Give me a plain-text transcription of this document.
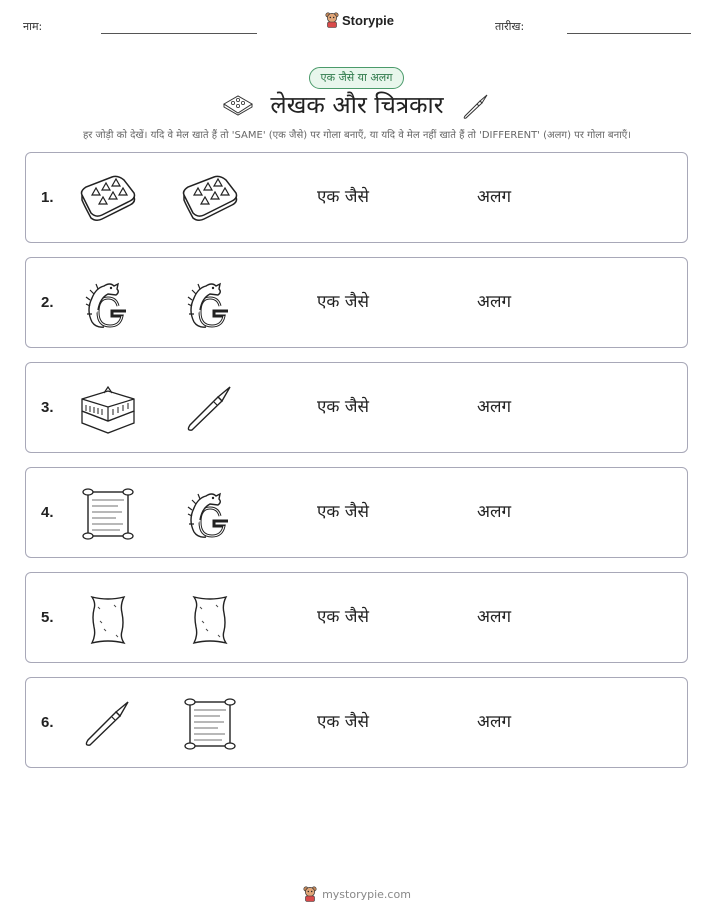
नाम:	Storypie	तारीख:
एक जैसे या अलग
लेखक और चित्रकार
हर जोड़ी को देखें। यदि वे मेल खाते हैं तो 'SAME' (एक जैसे) पर गोला बनाएँ, या यदि वे मेल नहीं खाते हैं तो 'DIFFERENT' (अलग) पर गोला बनाएँ।
1.	एक जैसे	अलग
2.	एक जैसे	अलग
3.	एक जैसे	अलग
4.	एक जैसे	अलग
5.	एक जैसे	अलग
6.	एक जैसे	अलग
mystorypie.com
